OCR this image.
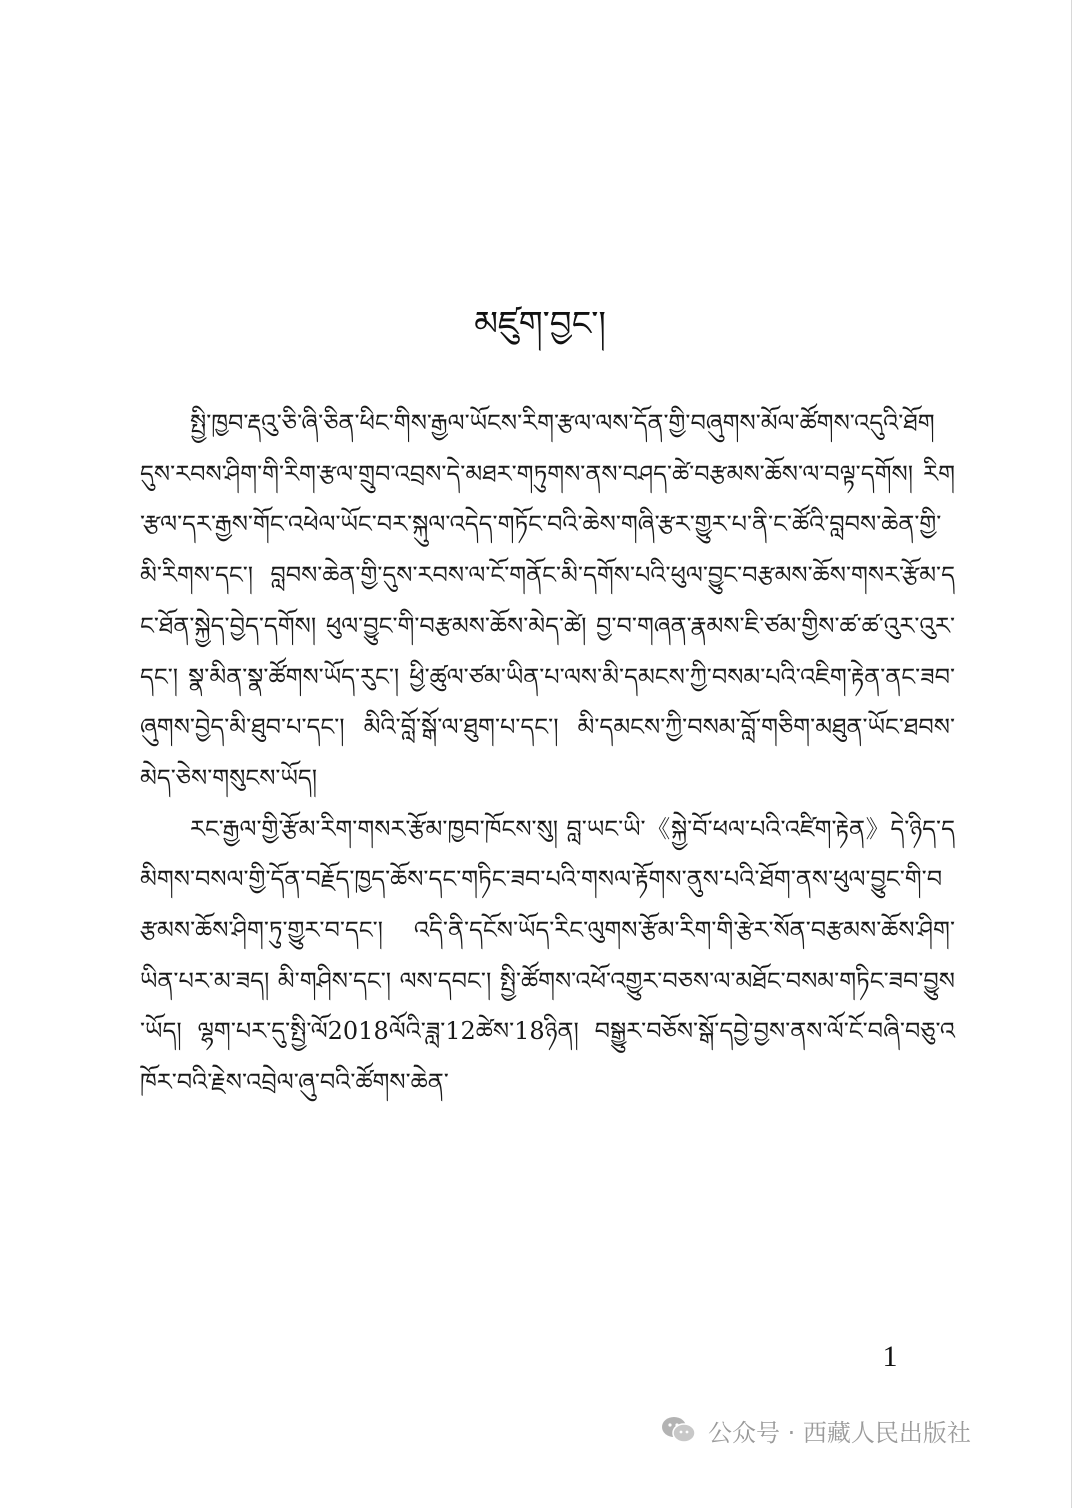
མཛུག་བྱང་།

སྤྱི་ཁྱབ་རྡའུ་ཅི་ཞི་ཅིན་ཕིང་གིས་རྒྱལ་ཡོངས་རིག་རྩལ་ལས་དོན་གྱི་བཞུགས་མོལ་ཚོགས་འདུའི་ཐོག དུས་རབས་ཤིག་གི་རིག་རྩལ་གྲུབ་འབྲས་དེ་མཐར་གཏུགས་ནས་བཤད་ཚེ་བརྩམས་ཆོས་ལ་བལྟ་དགོས། རིག་རྩལ་དར་རྒྱས་གོང་འཕེལ་ཡོང་བར་སྐུལ་འདེད་གཏོང་བའི་ཆེས་གཞི་རྩར་གྱུར་པ་ནི་ང་ཚོའི་བླབས་ཆེན་གྱི་མི་རིགས་དང་། བླབས་ཆེན་གྱི་དུས་རབས་ལ་ངོ་གནོང་མི་དགོས་པའི་ཕུལ་བྱུང་བརྩམས་ཆོས་གསར་རྩོམ་དང་ཐོན་སྐྱེད་བྱེད་དགོས། ཕུལ་བྱུང་གི་བརྩམས་ཆོས་མེད་ཚེ། བྱ་བ་གཞན་རྣམས་ཇི་ཙམ་གྱིས་ཚ་ཚ་འུར་འུར་དང་། སྣ་མིན་སྣ་ཚོགས་ཡོད་རུང་། ཕྱི་ཚུལ་ཙམ་ཡིན་པ་ལས་མི་དམངས་ཀྱི་བསམ་པའི་འཇིག་རྟེན་ནང་ཟབ་ཞུགས་བྱེད་མི་ཐུབ་པ་དང་། མིའི་བློ་སྒོ་ལ་ཐུག་པ་དང་། མི་དམངས་ཀྱི་བསམ་བློ་གཅིག་མཐུན་ཡོང་ཐབས་མེད་ཅེས་གསུངས་ཡོད།

རང་རྒྱལ་གྱི་རྩོམ་རིག་གསར་རྩོམ་ཁྱབ་ཁོངས་སུ། བླ་ཡང་ཡི་《སྐྱེ་བོ་ཕལ་པའི་འཛིག་རྟེན》དེ་ཉིད་དམིགས་བསལ་གྱི་དོན་བརྗོད་ཁྱད་ཆོས་དང་གཏིང་ཟབ་པའི་གསལ་རྟོགས་ནུས་པའི་ཐོག་ནས་ཕུལ་བྱུང་གི་བརྩམས་ཆོས་ཤིག་ཏུ་གྱུར་བ་དང་། འདི་ནི་དངོས་ཡོད་རིང་ལུགས་རྩོམ་རིག་གི་རྩེར་སོན་བརྩམས་ཆོས་ཤིག་ཡིན་པར་མ་ཟད། མི་གཤིས་དང་། ལས་དབང་། སྤྱི་ཚོགས་འཕོ་འགྱུར་བཅས་ལ་མཐོང་བསམ་གཏིང་ཟབ་བྱུས་ཡོད། ལྷག་པར་དུ་སྤྱི་ལོ2018ལོའི་ཟླ་12ཚེས་18ཉིན། བསྒྱུར་བཅོས་སྒོ་དབྱེ་བྱས་ནས་ལོ་ངོ་བཞི་བཅུ་འཁོར་བའི་རྗེས་འབྲེལ་ཞུ་བའི་ཚོགས་ཆེན་

1
公众号 · 西藏人民出版社
